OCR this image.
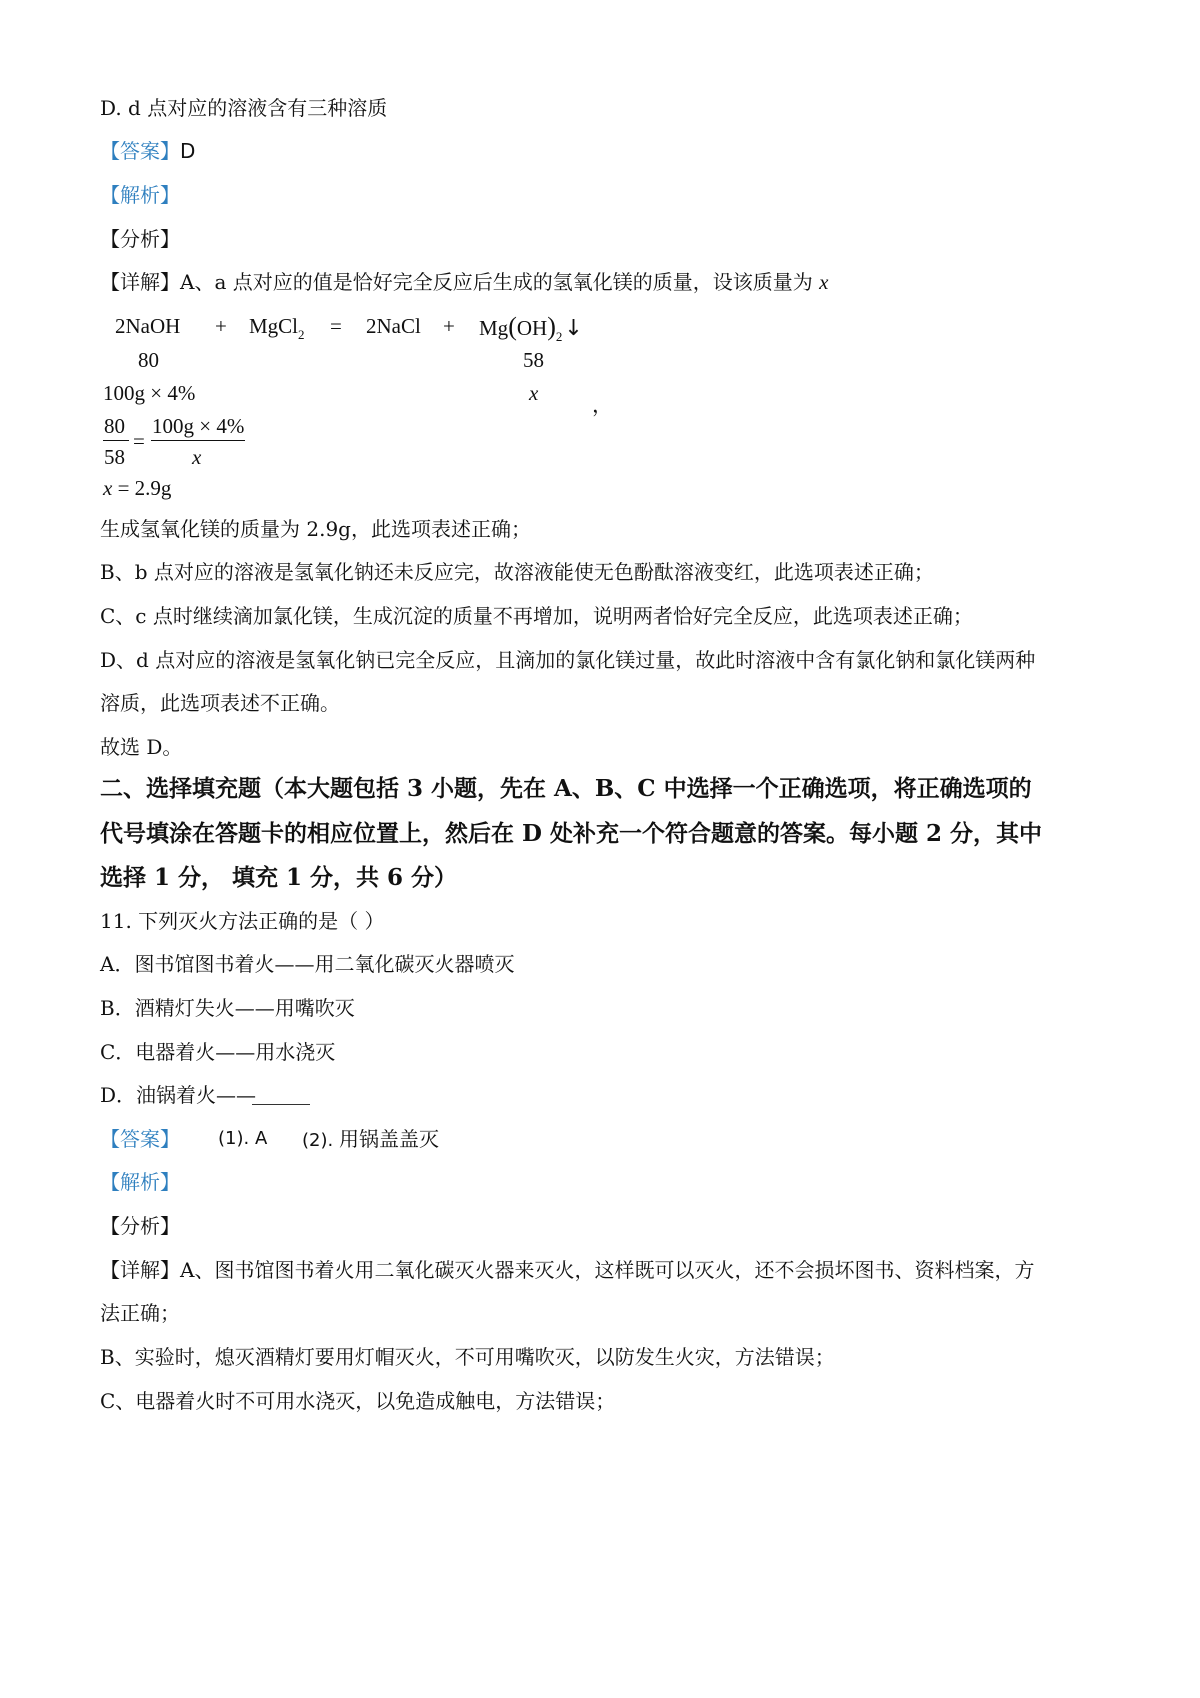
D. d 点对应的溶液含有三种溶质
【答案】D
【解析】
【分析】
【详解】A、a 点对应的值是恰好完全反应后生成的氢氧化镁的质量，设该质量为 x
2NaOH + MgCl$_2$ = 2NaCl + $Mg(OH)_2↓$
80	58
100g × 4%	x	，
80
58
=
100g × 4%
x
x = 2.9g
生成氢氧化镁的质量为 2.9g，此选项表述正确；
B、b 点对应的溶液是氢氧化钠还未反应完，故溶液能使无色酚酞溶液变红，此选项表述正确；
C、c 点时继续滴加氯化镁，生成沉淀的质量不再增加，说明两者恰好完全反应，此选项表述正确；
D、d 点对应的溶液是氢氧化钠已完全反应，且滴加的氯化镁过量，故此时溶液中含有氯化钠和氯化镁两种
溶质，此选项表述不正确。
故选 D。
二、选择填充题（本大题包括 3 小题，先在 A、B、C 中选择一个正确选项，将正确选项的
代号填涂在答题卡的相应位置上，然后在 D 处补充一个符合题意的答案。每小题 2 分，其中
选择 1 分， 填充 1 分，共 6 分）
11. 下列灭火方法正确的是（ ）
A．图书馆图书着火——用二氧化碳灭火器喷灭
B．酒精灯失火——用嘴吹灭
C．电器着火——用水浇灭
D．油锅着火——
【答案】 (1). A (2). 用锅盖盖灭
【解析】
【分析】
【详解】A、图书馆图书着火用二氧化碳灭火器来灭火，这样既可以灭火，还不会损坏图书、资料档案，方
法正确；
B、实验时，熄灭酒精灯要用灯帽灭火，不可用嘴吹灭，以防发生火灾，方法错误；
C、电器着火时不可用水浇灭，以免造成触电，方法错误；
